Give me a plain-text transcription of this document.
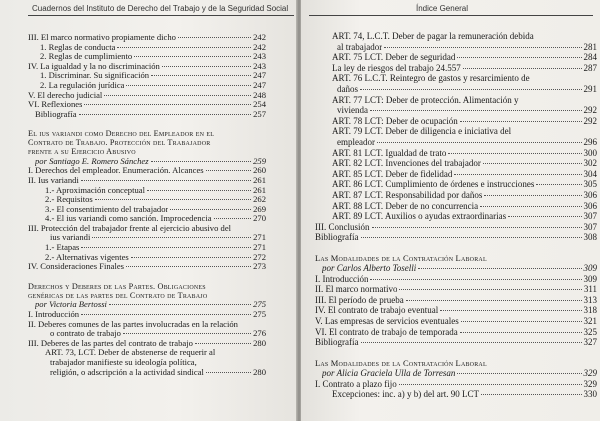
Cuadernos del Instituto de Derecho del Trabajo y de la Seguridad Social
III. El marco normativo propiamente dicho	242
1. Reglas de conducta	242
2. Reglas de cumplimiento	243
IV. La igualdad y la no discriminación	243
1. Discriminar. Su significación	247
2. La regulación jurídica	247
V. El derecho judicial	248
VI. Reflexiones	254
Bibliografía	257
El ius variandi como Derecho del Empleador en el
Contrato de Trabajo. Protección del Trabajador
frente a su Ejercicio Abusivo
por Santiago E. Romero Sánchez	259
I. Derechos del empleador. Enumeración. Alcances	260
II. Ius variandi	261
1.- Aproximación conceptual	261
2.- Requisitos	262
3.- El consentimiento del trabajador	269
4.- El ius variandi como sanción. Improcedencia	270
III. Protección del trabajador frente al ejercicio abusivo del
ius variandi	271
1.- Etapas	271
2.- Alternativas vigentes	272
IV. Consideraciones Finales	273
Derechos y Deberes de las Partes. Obligaciones
genéricas de las partes del Contrato de Trabajo
por Victoria Bertossi	275
I. Introducción	275
II. Deberes comunes de las partes involucradas en la relación
o contrato de trabajo	276
III. Deberes de las partes del contrato de trabajo	280
ART. 73, LCT. Deber de abstenerse de requerir al
trabajador manifieste su ideología política,
religión, o adscripción a la actividad sindical	280
Índice General
ART. 74, L.C.T. Deber de pagar la remuneración debida
al trabajador	281
ART. 75 LCT. Deber de seguridad	284
La ley de riesgos del trabajo 24.557	287
ART. 76 L.C.T. Reintegro de gastos y resarcimiento de
daños	291
ART. 77 LCT: Deber de protección. Alimentación y
vivienda	292
ART. 78 LCT: Deber de ocupación	292
ART. 79 LCT. Deber de diligencia e iniciativa del
empleador	296
ART. 81 LCT. Igualdad de trato	300
ART. 82 LCT. Invenciones del trabajador	302
ART. 85 LCT. Deber de fidelidad	304
ART. 86 LCT. Cumplimiento de órdenes e instrucciones	305
ART. 87 LCT. Responsabilidad por daños	306
ART. 88 LCT. Deber de no concurrencia	306
ART. 89 LCT. Auxilios o ayudas extraordinarias	307
III. Conclusión	307
Bibliografía	308
Las Modalidades de la Contratación Laboral
por Carlos Alberto Toselli	309
I. Introducción	309
II. El marco normativo	311
III. El período de prueba	313
IV. El contrato de trabajo eventual	318
V. Las empresas de servicios eventuales	321
VI. El contrato de trabajo de temporada	325
Bibliografía	327
Las Modalidades de la Contratación Laboral
por Alicia Graciela Ulla de Torresan	329
I. Contrato a plazo fijo	329
Excepciones: inc. a) y b) del art. 90 LCT	330
